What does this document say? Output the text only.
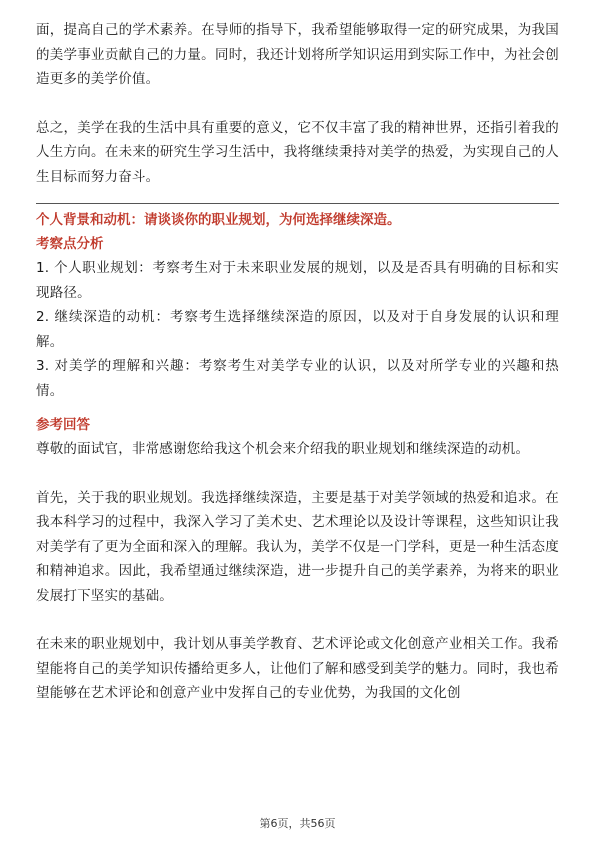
面，提高自己的学术素养。在导师的指导下，我希望能够取得一定的研究成果，为我国的美学事业贡献自己的力量。同时，我还计划将所学知识运用到实际工作中，为社会创造更多的美学价值。

总之，美学在我的生活中具有重要的意义，它不仅丰富了我的精神世界，还指引着我的人生方向。在未来的研究生学习生活中，我将继续秉持对美学的热爱，为实现自己的人生目标而努力奋斗。

个人背景和动机：请谈谈你的职业规划，为何选择继续深造。

考察点分析

1. 个人职业规划：考察考生对于未来职业发展的规划，以及是否具有明确的目标和实现路径。

2. 继续深造的动机：考察考生选择继续深造的原因，以及对于自身发展的认识和理解。

3. 对美学的理解和兴趣：考察考生对美学专业的认识，以及对所学专业的兴趣和热情。

参考回答

尊敬的面试官，非常感谢您给我这个机会来介绍我的职业规划和继续深造的动机。

首先，关于我的职业规划。我选择继续深造，主要是基于对美学领域的热爱和追求。在我本科学习的过程中，我深入学习了美术史、艺术理论以及设计等课程，这些知识让我对美学有了更为全面和深入的理解。我认为，美学不仅是一门学科，更是一种生活态度和精神追求。因此，我希望通过继续深造，进一步提升自己的美学素养，为将来的职业发展打下坚实的基础。

在未来的职业规划中，我计划从事美学教育、艺术评论或文化创意产业相关工作。我希望能将自己的美学知识传播给更多人，让他们了解和感受到美学的魅力。同时，我也希望能够在艺术评论和创意产业中发挥自己的专业优势，为我国的文化创

第6页，共56页
